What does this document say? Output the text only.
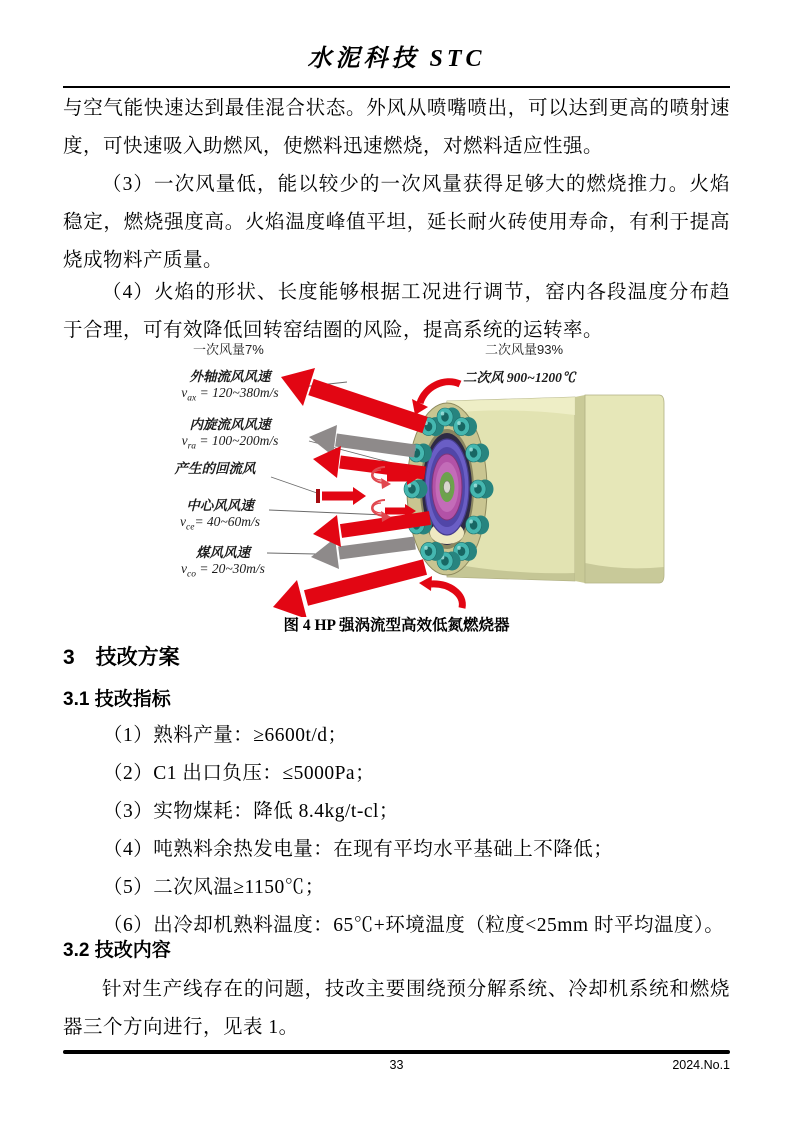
水泥科技 STC
与空气能快速达到最佳混合状态。外风从喷嘴喷出，可以达到更高的喷射速度，可快速吸入助燃风，使燃料迅速燃烧，对燃料适应性强。
（3）一次风量低，能以较少的一次风量获得足够大的燃烧推力。火焰稳定，燃烧强度高。火焰温度峰值平坦，延长耐火砖使用寿命，有利于提高烧成物料产质量。
（4）火焰的形状、长度能够根据工况进行调节，窑内各段温度分布趋于合理，可有效降低回转窑结圈的风险，提高系统的运转率。
一次风量7%	二次风量93%
二次风 900~1200℃
外轴流风风速
$v_{ax}$ = 120~380m/s
内旋流风风速
$v_{ra}$ = 100~200m/s
产生的回流风
中心风风速
$v_{ce}=$ 40~60m/s
煤风风速
$v_{co}$ = 20~30m/s
图 4 HP 强涡流型高效低氮燃烧器
3　技改方案
3.1 技改指标
（1）熟料产量：≥6600t/d；
（2）C1 出口负压：≤5000Pa；
（3）实物煤耗：降低 8.4kg/t-cl；
（4）吨熟料余热发电量：在现有平均水平基础上不降低；
（5）二次风温≥1150℃；
（6）出冷却机熟料温度：65℃+环境温度（粒度<25mm 时平均温度）。
3.2 技改内容
针对生产线存在的问题，技改主要围绕预分解系统、冷却机系统和燃烧器三个方向进行，见表 1。
33	2024.No.1
